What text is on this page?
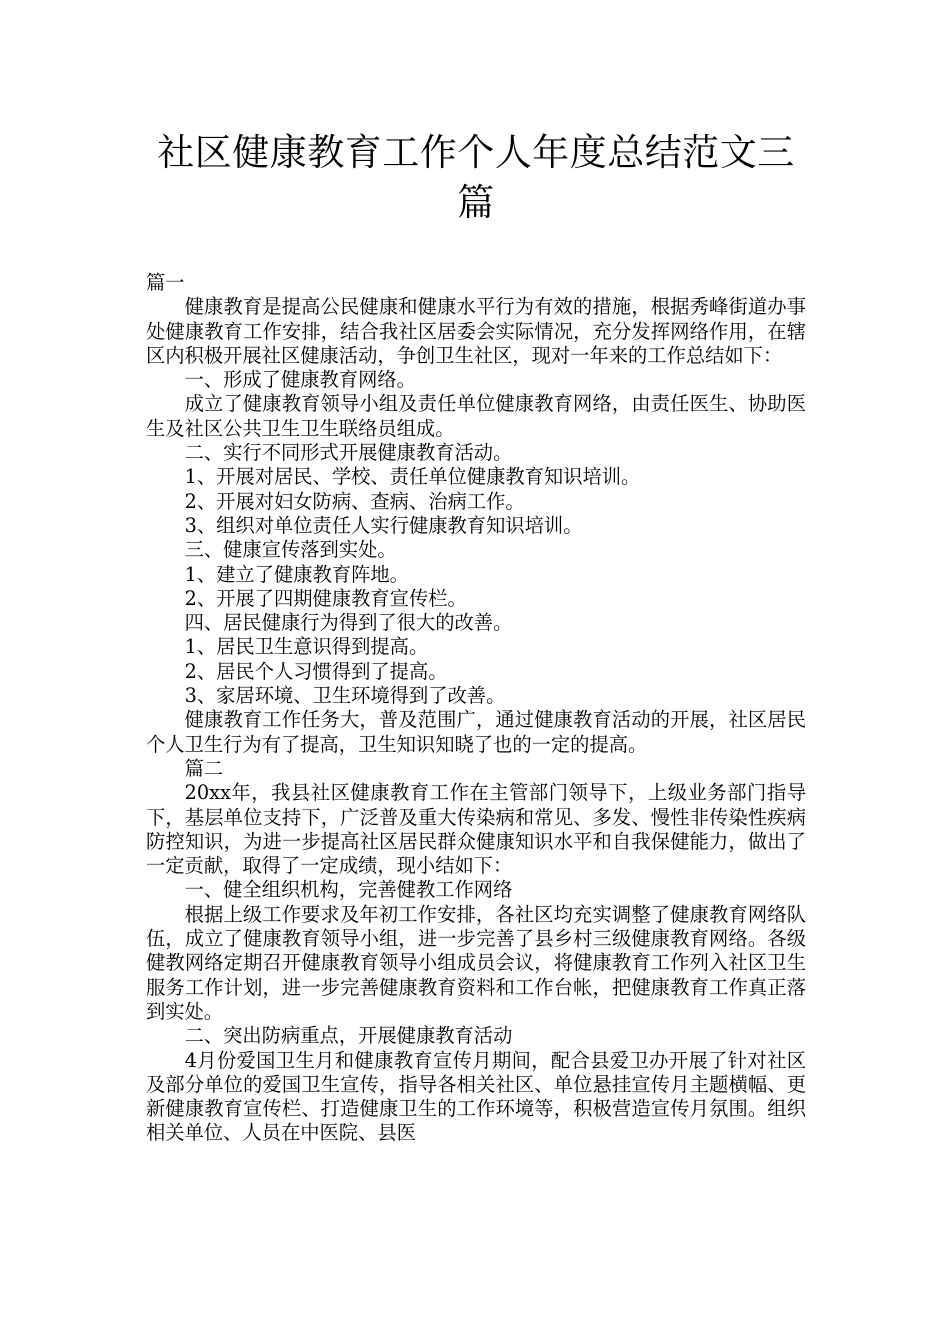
社区健康教育工作个人年度总结范文三篇

篇一

健康教育是提高公民健康和健康水平行为有效的措施，根据秀峰街道办事处健康教育工作安排，结合我社区居委会实际情况，充分发挥网络作用，在辖区内积极开展社区健康活动，争创卫生社区，现对一年来的工作总结如下：

一、形成了健康教育网络。

成立了健康教育领导小组及责任单位健康教育网络，由责任医生、协助医生及社区公共卫生卫生联络员组成。

二、实行不同形式开展健康教育活动。

1、开展对居民、学校、责任单位健康教育知识培训。

2、开展对妇女防病、查病、治病工作。

3、组织对单位责任人实行健康教育知识培训。

三、健康宣传落到实处。

1、建立了健康教育阵地。

2、开展了四期健康教育宣传栏。

四、居民健康行为得到了很大的改善。

1、居民卫生意识得到提高。

2、居民个人习惯得到了提高。

3、家居环境、卫生环境得到了改善。

健康教育工作任务大，普及范围广，通过健康教育活动的开展，社区居民个人卫生行为有了提高，卫生知识知晓了也的一定的提高。

篇二

20xx年，我县社区健康教育工作在主管部门领导下，上级业务部门指导下，基层单位支持下，广泛普及重大传染病和常见、多发、慢性非传染性疾病防控知识，为进一步提高社区居民群众健康知识水平和自我保健能力，做出了一定贡献，取得了一定成绩，现小结如下：

一、健全组织机构，完善健教工作网络

根据上级工作要求及年初工作安排，各社区均充实调整了健康教育网络队伍，成立了健康教育领导小组，进一步完善了县乡村三级健康教育网络。各级健教网络定期召开健康教育领导小组成员会议，将健康教育工作列入社区卫生服务工作计划，进一步完善健康教育资料和工作台帐，把健康教育工作真正落到实处。

二、突出防病重点，开展健康教育活动

4月份爱国卫生月和健康教育宣传月期间，配合县爱卫办开展了针对社区及部分单位的爱国卫生宣传，指导各相关社区、单位悬挂宣传月主题横幅、更新健康教育宣传栏、打造健康卫生的工作环境等，积极营造宣传月氛围。组织相关单位、人员在中医院、县医
